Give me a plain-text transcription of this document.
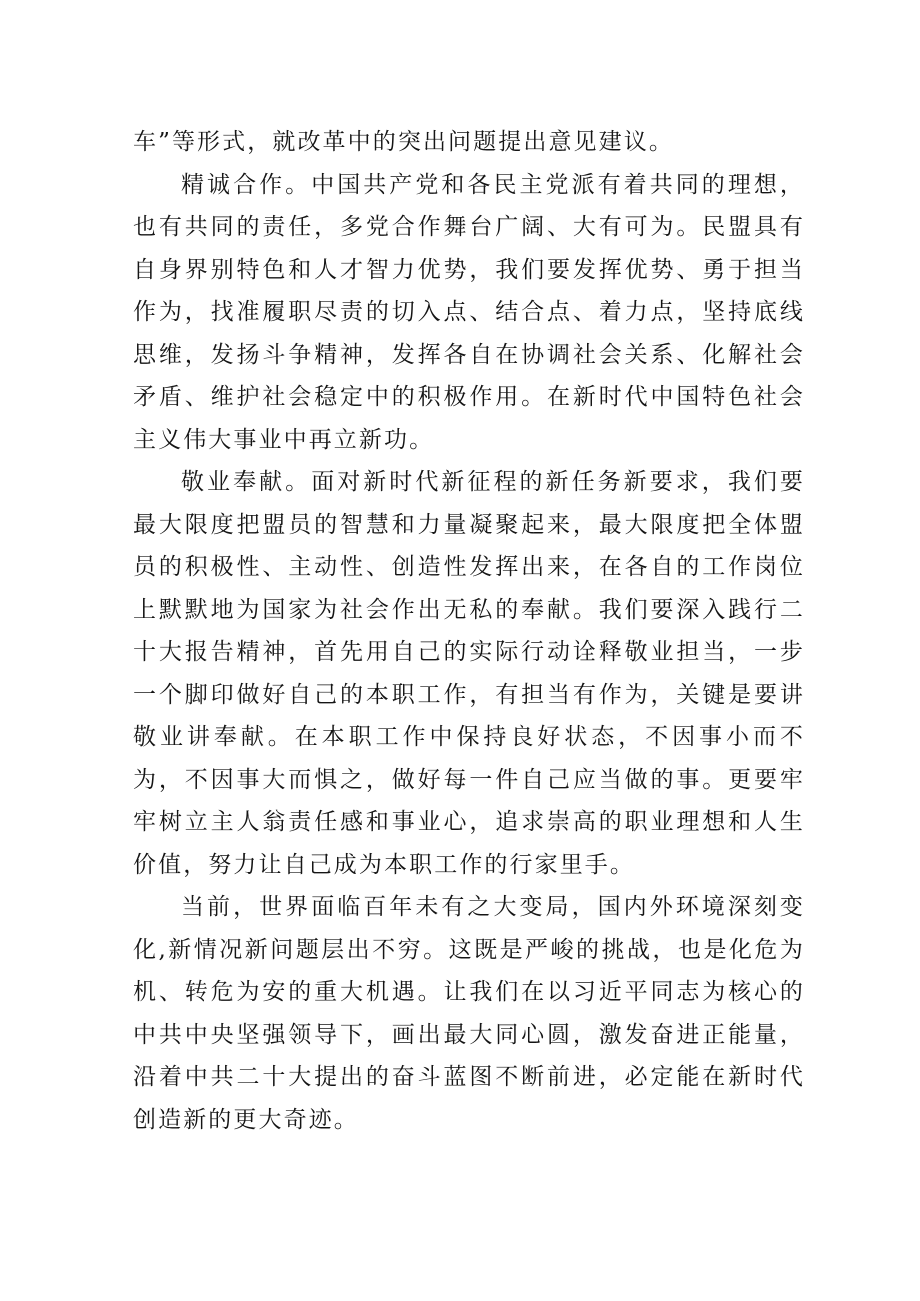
车”等形式，就改革中的突出问题提出意见建议。

精诚合作。中国共产党和各民主党派有着共同的理想，也有共同的责任，多党合作舞台广阔、大有可为。民盟具有自身界别特色和人才智力优势，我们要发挥优势、勇于担当作为，找准履职尽责的切入点、结合点、着力点，坚持底线思维，发扬斗争精神，发挥各自在协调社会关系、化解社会矛盾、维护社会稳定中的积极作用。在新时代中国特色社会主义伟大事业中再立新功。

敬业奉献。面对新时代新征程的新任务新要求，我们要最大限度把盟员的智慧和力量凝聚起来，最大限度把全体盟员的积极性、主动性、创造性发挥出来，在各自的工作岗位上默默地为国家为社会作出无私的奉献。我们要深入践行二十大报告精神，首先用自己的实际行动诠释敬业担当，一步一个脚印做好自己的本职工作，有担当有作为，关键是要讲敬业讲奉献。在本职工作中保持良好状态，不因事小而不为，不因事大而惧之，做好每一件自己应当做的事。更要牢牢树立主人翁责任感和事业心，追求崇高的职业理想和人生价值，努力让自己成为本职工作的行家里手。

当前，世界面临百年未有之大变局，国内外环境深刻变化,新情况新问题层出不穷。这既是严峻的挑战，也是化危为机、转危为安的重大机遇。让我们在以习近平同志为核心的中共中央坚强领导下，画出最大同心圆，激发奋进正能量，沿着中共二十大提出的奋斗蓝图不断前进，必定能在新时代创造新的更大奇迹。
